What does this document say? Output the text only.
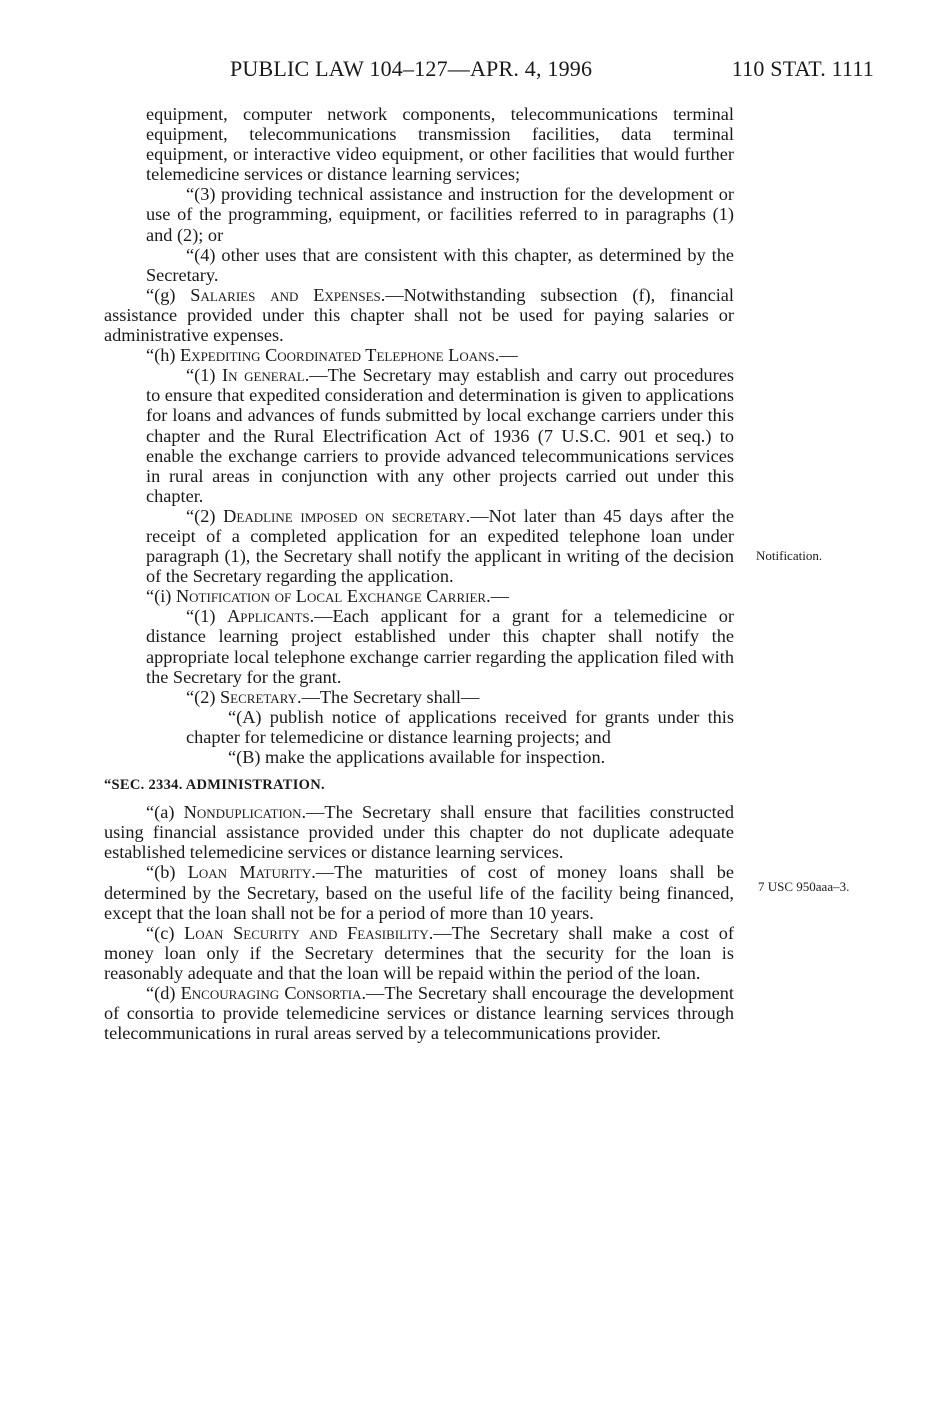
PUBLIC LAW 104–127—APR. 4, 1996	110 STAT. 1111
Notification.
7 USC 950aaa–3.

equipment, computer network components, telecommunications terminal equipment, telecommunications transmission facilities, data terminal equipment, or interactive video equipment, or other facilities that would further telemedicine services or distance learning services;

“(3) providing technical assistance and instruction for the development or use of the programming, equipment, or facilities referred to in paragraphs (1) and (2); or

“(4) other uses that are consistent with this chapter, as determined by the Secretary.

“(g) Salaries and Expenses.—Notwithstanding subsection (f), financial assistance provided under this chapter shall not be used for paying salaries or administrative expenses.

“(h) Expediting Coordinated Telephone Loans.—

“(1) In general.—The Secretary may establish and carry out procedures to ensure that expedited consideration and determination is given to applications for loans and advances of funds submitted by local exchange carriers under this chapter and the Rural Electrification Act of 1936 (7 U.S.C. 901 et seq.) to enable the exchange carriers to provide advanced telecommunications services in rural areas in conjunction with any other projects carried out under this chapter.

“(2) Deadline imposed on secretary.—Not later than 45 days after the receipt of a completed application for an expedited telephone loan under paragraph (1), the Secretary shall notify the applicant in writing of the decision of the Secretary regarding the application.

“(i) Notification of Local Exchange Carrier.—

“(1) Applicants.—Each applicant for a grant for a telemedicine or distance learning project established under this chapter shall notify the appropriate local telephone exchange carrier regarding the application filed with the Secretary for the grant.

“(2) Secretary.—The Secretary shall—

“(A) publish notice of applications received for grants under this chapter for telemedicine or distance learning projects; and

“(B) make the applications available for inspection.

“SEC. 2334. ADMINISTRATION.

“(a) Nonduplication.—The Secretary shall ensure that facilities constructed using financial assistance provided under this chapter do not duplicate adequate established telemedicine services or distance learning services.

“(b) Loan Maturity.—The maturities of cost of money loans shall be determined by the Secretary, based on the useful life of the facility being financed, except that the loan shall not be for a period of more than 10 years.

“(c) Loan Security and Feasibility.—The Secretary shall make a cost of money loan only if the Secretary determines that the security for the loan is reasonably adequate and that the loan will be repaid within the period of the loan.

“(d) Encouraging Consortia.—The Secretary shall encourage the development of consortia to provide telemedicine services or distance learning services through telecommunications in rural areas served by a telecommunications provider.
